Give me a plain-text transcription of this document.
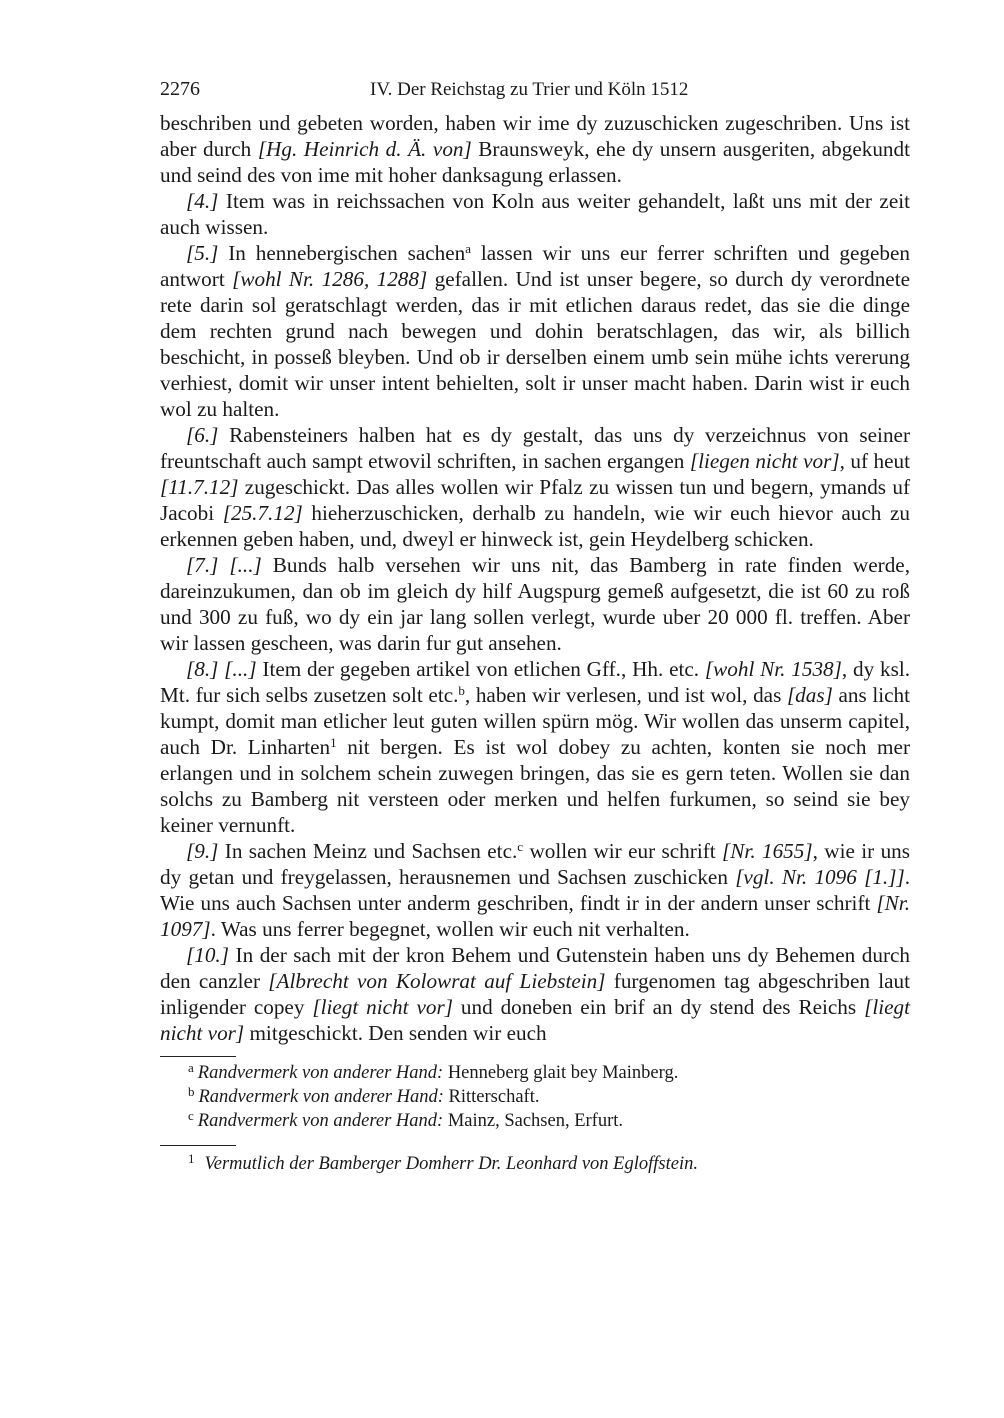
2276	IV. Der Reichstag zu Trier und Köln 1512

beschriben und gebeten worden, haben wir ime dy zuzuschicken zugeschriben. Uns ist aber durch [Hg. Heinrich d. Ä. von] Braunsweyk, ehe dy unsern ausgeriten, abgekundt und seind des von ime mit hoher danksagung erlassen.

[4.] Item was in reichssachen von Koln aus weiter gehandelt, laßt uns mit der zeit auch wissen.

[5.] In hennebergischen sachen$^a$ lassen wir uns eur ferrer schriften und gegeben antwort [wohl Nr. 1286, 1288] gefallen. Und ist unser begere, so durch dy verordnete rete darin sol geratschlagt werden, das ir mit etlichen daraus redet, das sie die dinge dem rechten grund nach bewegen und dohin beratschlagen, das wir, als billich beschicht, in posseß bleyben. Und ob ir derselben einem umb sein mühe ichts vererung verhiest, domit wir unser intent behielten, solt ir unser macht haben. Darin wist ir euch wol zu halten.

[6.] Rabensteiners halben hat es dy gestalt, das uns dy verzeichnus von seiner freuntschaft auch sampt etwovil schriften, in sachen ergangen [liegen nicht vor], uf heut [11.7.12] zugeschickt. Das alles wollen wir Pfalz zu wissen tun und begern, ymands uf Jacobi [25.7.12] hieherzuschicken, derhalb zu handeln, wie wir euch hievor auch zu erkennen geben haben, und, dweyl er hinweck ist, gein Heydelberg schicken.

[7.] [...] Bunds halb versehen wir uns nit, das Bamberg in rate finden werde, dareinzukumen, dan ob im gleich dy hilf Augspurg gemeß aufgesetzt, die ist 60 zu roß und 300 zu fuß, wo dy ein jar lang sollen verlegt, wurde uber 20 000 fl. treffen. Aber wir lassen gescheen, was darin fur gut ansehen.

[8.] [...] Item der gegeben artikel von etlichen Gff., Hh. etc. [wohl Nr. 1538], dy ksl. Mt. fur sich selbs zusetzen solt etc.$^b$, haben wir verlesen, und ist wol, das [das] ans licht kumpt, domit man etlicher leut guten willen spürn mög. Wir wollen das unserm capitel, auch Dr. Linharten$^1$ nit bergen. Es ist wol dobey zu achten, konten sie noch mer erlangen und in solchem schein zuwegen bringen, das sie es gern teten. Wollen sie dan solchs zu Bamberg nit versteen oder merken und helfen furkumen, so seind sie bey keiner vernunft.

[9.] In sachen Meinz und Sachsen etc.$^c$ wollen wir eur schrift [Nr. 1655], wie ir uns dy getan und freygelassen, herausnemen und Sachsen zuschicken [vgl. Nr. 1096 [1.]]. Wie uns auch Sachsen unter anderm geschriben, findt ir in der andern unser schrift [Nr. 1097]. Was uns ferrer begegnet, wollen wir euch nit verhalten.

[10.] In der sach mit der kron Behem und Gutenstein haben uns dy Behemen durch den canzler [Albrecht von Kolowrat auf Liebstein] furgenomen tag abgeschriben laut inligender copey [liegt nicht vor] und doneben ein brif an dy stend des Reichs [liegt nicht vor] mitgeschickt. Den senden wir euch

$^a$ Randvermerk von anderer Hand: Henneberg glait bey Mainberg.
$^b$ Randvermerk von anderer Hand: Ritterschaft.
$^c$ Randvermerk von anderer Hand: Mainz, Sachsen, Erfurt.
$^1$ Vermutlich der Bamberger Domherr Dr. Leonhard von Egloffstein.
